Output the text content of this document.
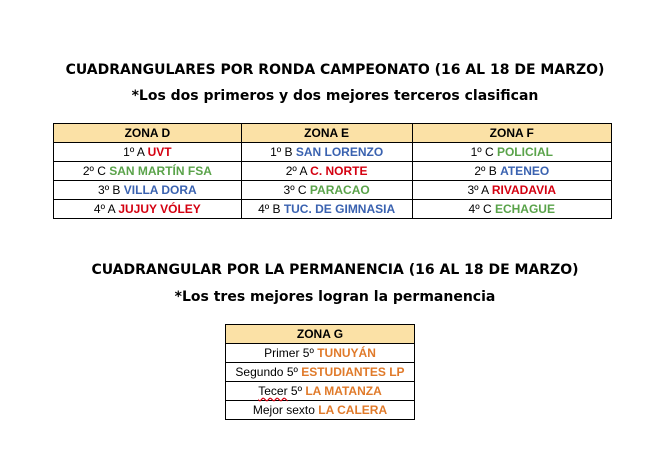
CUADRANGULARES POR RONDA CAMPEONATO (16 AL 18 DE MARZO)
*Los dos primeros y dos mejores terceros clasifican
ZONA D	ZONA E	ZONA F
1º A UVT	1º B SAN LORENZO	1º C POLICIAL
2º C SAN MARTÍN FSA	2º A C. NORTE	2º B ATENEO
3º B VILLA DORA	3º C PARACAO	3º A RIVADAVIA
4º A JUJUY VÓLEY	4º B TUC. DE GIMNASIA	4º C ECHAGUE
CUADRANGULAR POR LA PERMANENCIA (16 AL 18 DE MARZO)
*Los tres mejores logran la permanencia
ZONA G
Primer 5º TUNUYÁN
Segundo 5º ESTUDIANTES LP
Tecer 5º LA MATANZA
Mejor sexto LA CALERA
